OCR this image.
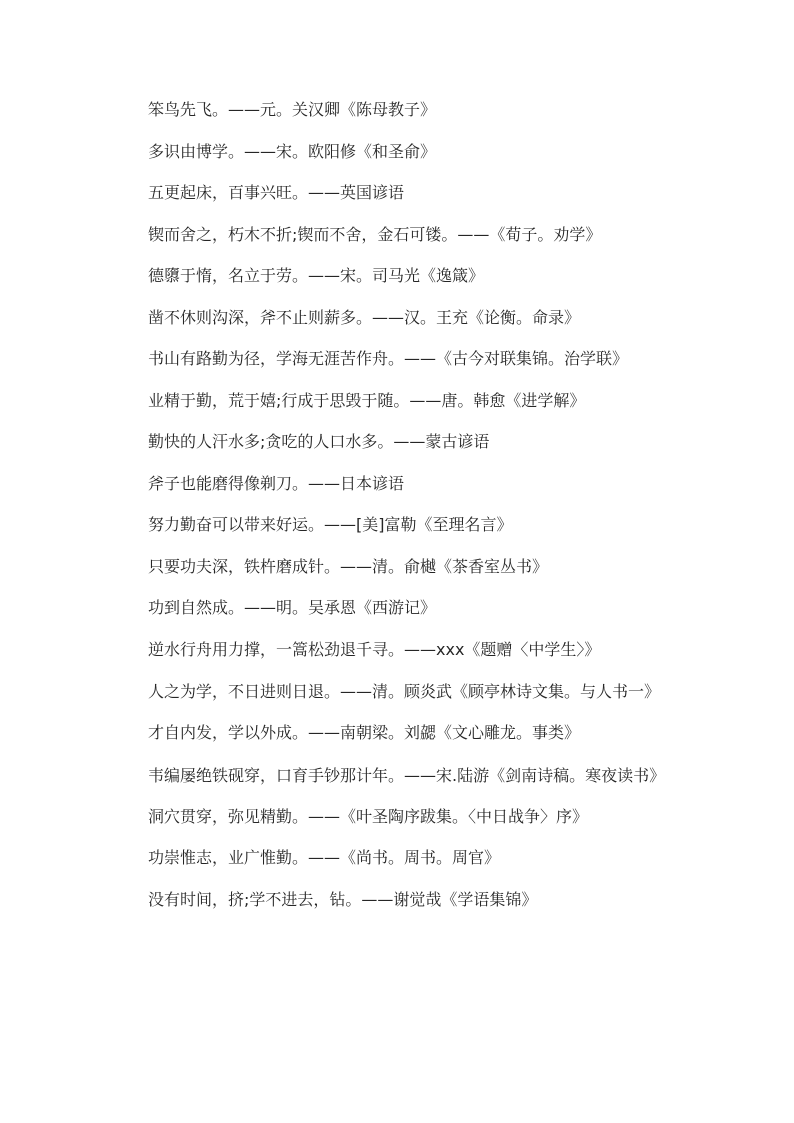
笨鸟先飞。——元。关汉卿《陈母教子》

多识由博学。——宋。欧阳修《和圣俞》

五更起床，百事兴旺。——英国谚语

锲而舍之，朽木不折;锲而不舍，金石可镂。——《荀子。劝学》

德隳于惰，名立于劳。——宋。司马光《逸箴》

凿不休则沟深，斧不止则薪多。——汉。王充《论衡。命录》

书山有路勤为径，学海无涯苦作舟。——《古今对联集锦。治学联》

业精于勤，荒于嬉;行成于思毁于随。——唐。韩愈《进学解》

勤快的人汗水多;贪吃的人口水多。——蒙古谚语

斧子也能磨得像剃刀。——日本谚语

努力勤奋可以带来好运。——[美]富勒《至理名言》

只要功夫深，铁杵磨成针。——清。俞樾《茶香室丛书》

功到自然成。——明。吴承恩《西游记》

逆水行舟用力撑，一篙松劲退千寻。——xxx《题赠〈中学生〉》

人之为学，不日进则日退。——清。顾炎武《顾亭林诗文集。与人书一》

才自内发，学以外成。——南朝梁。刘勰《文心雕龙。事类》

韦编屡绝铁砚穿，口育手钞那计年。——宋.陆游《剑南诗稿。寒夜读书》

洞穴贯穿，弥见精勤。——《叶圣陶序跋集。〈中日战争〉序》

功崇惟志，业广惟勤。——《尚书。周书。周官》

没有时间，挤;学不进去，钻。——谢觉哉《学语集锦》
